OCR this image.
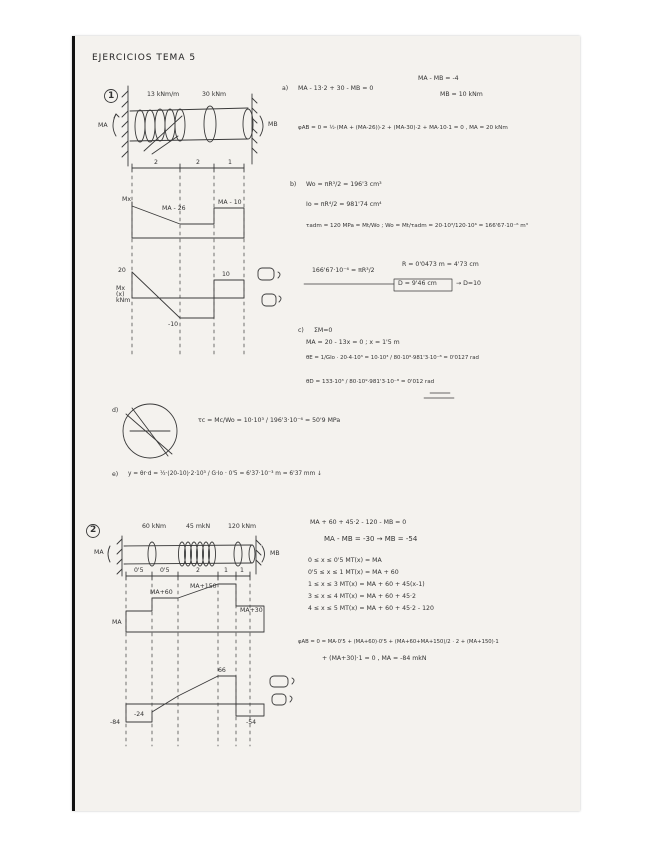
EJERCICIOS TEMA 5
1	13 kNm/m	30 kNm
MA	MB
2	2	1
Mx
MA - 26
MA - 10
20
10
Mx (x) kNm
-10
a) MA - 13·2 + 30 - MB = 0
MA - MB = -4
MB = 10 kNm
φAB = 0 = ½·(MA + (MA-26))·2 + (MA-30)·2 + MA·10·1 = 0 , MA = 20 kNm
b) Wo = πR³/2 = 196'3 cm³
Io = πR⁴/2 = 981'74 cm⁴
τadm = 120 MPa = Mt/Wo ; Wo = Mt/τadm = 20·10³/120·10⁶ = 166'67·10⁻⁶ m³
166'67·10⁻⁶ = πR³/2
R = 0'0473 m = 4'73 cm
D = 9'46 cm	→ D=10
c) ΣM=0
MA = 20 - 13x = 0 ; x = 1'5 m
θE = 1/GIo · 20·4·10³ = 10·10³ / 80·10⁹·981'3·10⁻⁸ = 0'0127 rad
θD = 133·10³ / 80·10⁹·981'3·10⁻⁸ = 0'012 rad
d)
τc = Mc/Wo = 10·10³ / 196'3·10⁻⁶ = 50'9 MPa
e) y = θr·d = ½·(20-10)·2·10³ / G·Io · 0'5 = 6'37·10⁻³ m = 6'37 mm ↓
2	60 kNm	45 mkN	120 kNm
MA	MB
0'5	0'5	2	1 1
MA+60
MA+150
MA+30
MA
66
-24
-84	-54
MA + 60 + 45·2 - 120 - MB = 0
MA - MB = -30 → MB = -54
0 ≤ x ≤ 0'5 MT(x) = MA
0'5 ≤ x ≤ 1 MT(x) = MA + 60
1 ≤ x ≤ 3 MT(x) = MA + 60 + 45(x-1)
3 ≤ x ≤ 4 MT(x) = MA + 60 + 45·2
4 ≤ x ≤ 5 MT(x) = MA + 60 + 45·2 - 120
φAB = 0 = MA·0'5 + (MA+60)·0'5 + (MA+60+MA+150)/2 · 2 + (MA+150)·1
+ (MA+30)·1 = 0 , MA = -84 mkN
